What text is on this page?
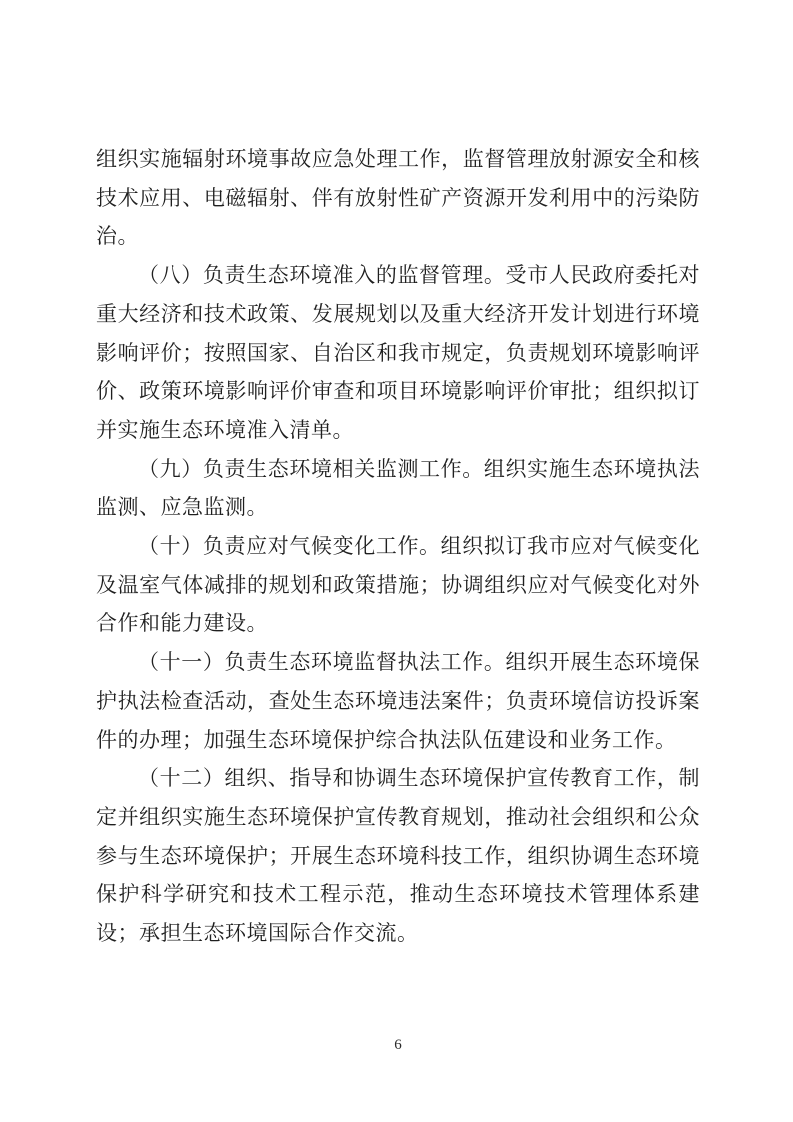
组织实施辐射环境事故应急处理工作，监督管理放射源安全和核技术应用、电磁辐射、伴有放射性矿产资源开发利用中的污染防治。

（八）负责生态环境准入的监督管理。受市人民政府委托对重大经济和技术政策、发展规划以及重大经济开发计划进行环境影响评价；按照国家、自治区和我市规定，负责规划环境影响评价、政策环境影响评价审查和项目环境影响评价审批；组织拟订并实施生态环境准入清单。

（九）负责生态环境相关监测工作。组织实施生态环境执法监测、应急监测。

（十）负责应对气候变化工作。组织拟订我市应对气候变化及温室气体减排的规划和政策措施；协调组织应对气候变化对外合作和能力建设。

（十一）负责生态环境监督执法工作。组织开展生态环境保护执法检查活动，查处生态环境违法案件；负责环境信访投诉案件的办理；加强生态环境保护综合执法队伍建设和业务工作。

（十二）组织、指导和协调生态环境保护宣传教育工作，制定并组织实施生态环境保护宣传教育规划，推动社会组织和公众参与生态环境保护；开展生态环境科技工作，组织协调生态环境保护科学研究和技术工程示范，推动生态环境技术管理体系建设；承担生态环境国际合作交流。

6
